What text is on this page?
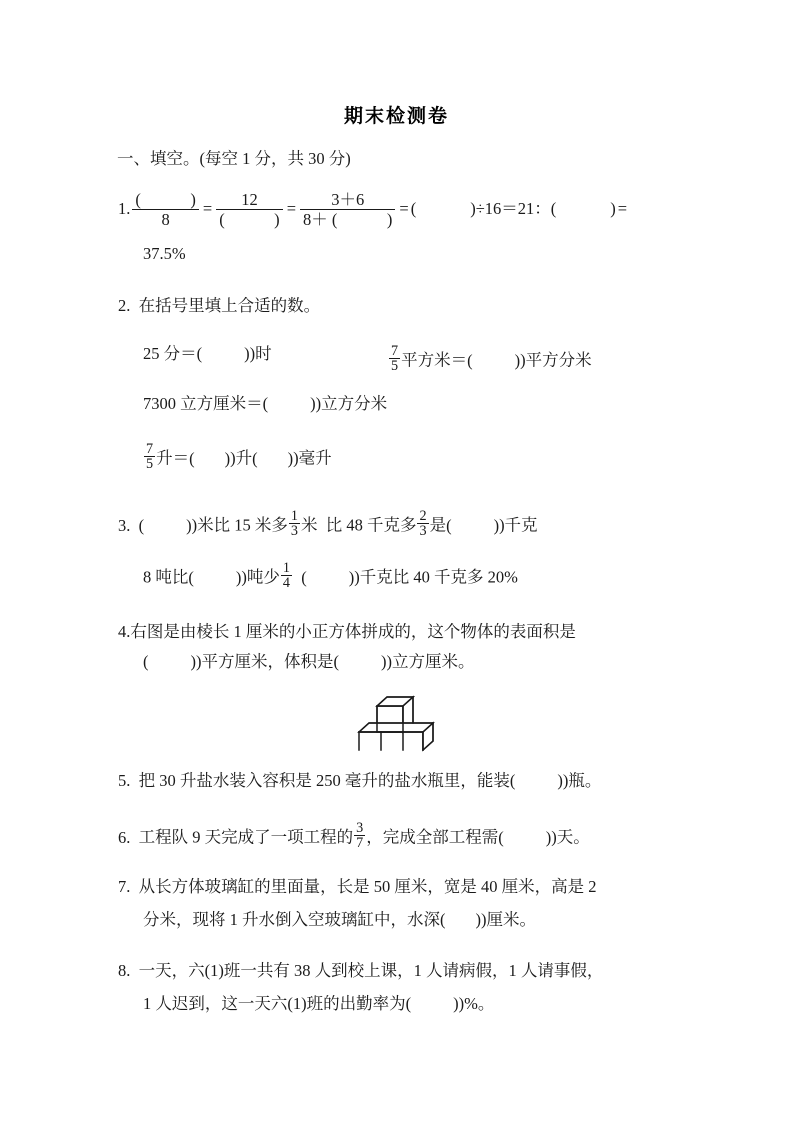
期末检测卷
一、填空。(每空 1 分，共 30 分)
1. $\frac{( )}{8} = \frac{12}{( )} = \frac{3+6}{8+ ( )}$ = (  )	÷16＝21： (  )	=
37.5%
2. 在括号里填上合适的数。
25 分＝ (  )	)时	$\frac{7}{5}$ 平方米＝ (  )	)平方分米
7300 立方厘米＝ (  )	)立方分米
$\frac{7}{5}$ 升＝ (  ) )升 (  ) )毫升
3. (  )	)米比 15 米多 $\frac{1}{3}$ 米 比 48 千克多 $\frac{2}{3}$ 是 (  )	)千克
8 吨比 (  )	)吨少 $\frac{1}{4}$ (  )	)千克比 40 千克多 20%
4.右图是由棱长 1 厘米的小正方体拼成的，这个物体的表面积是
(  ))平方厘米，体积是 (  )	)立方厘米。
5. 把 30 升盐水装入容积是 250 毫升的盐水瓶里，能装 (  )	)瓶。
6. 工程队 9 天完成了一项工程的 $\frac{3}{7}$ ，完成全部工程需 (  )	)天。
7. 从长方体玻璃缸的里面量，长是 50 厘米，宽是 40 厘米，高是 2
分米，现将 1 升水倒入空玻璃缸中，水深 (  ) )厘米。
8. 一天，六(1)班一共有 38 人到校上课，1 人请病假，1 人请事假，
1 人迟到，这一天六(1)班的出勤率为 (  )	)%。
